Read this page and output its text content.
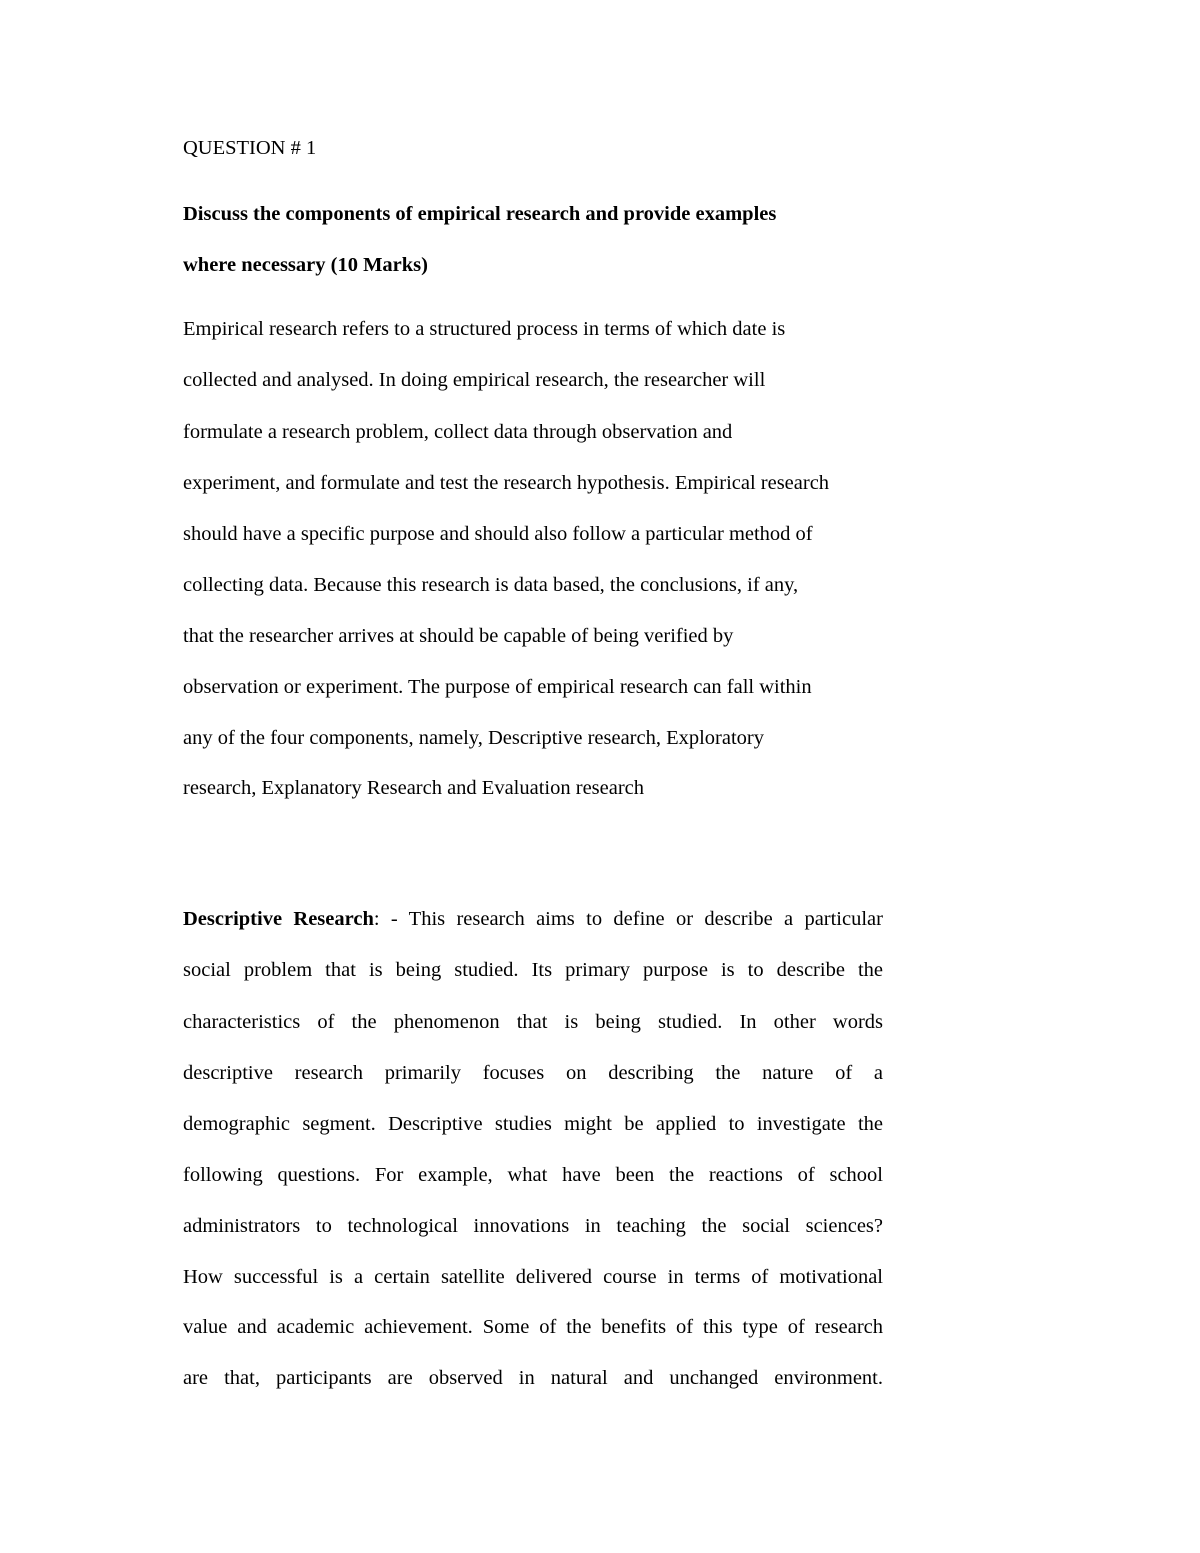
QUESTION # 1
Discuss the components of empirical research and provide examples
where necessary (10 Marks)
Empirical research refers to a structured process in terms of which date is
collected and analysed. In doing empirical research, the researcher will
formulate a research problem, collect data through observation and
experiment, and formulate and test the research hypothesis. Empirical research
should have a specific purpose and should also follow a particular method of
collecting data. Because this research is data based, the conclusions, if any,
that the researcher arrives at should be capable of being verified by
observation or experiment. The purpose of empirical research can fall within
any of the four components, namely, Descriptive research, Exploratory
research, Explanatory Research and Evaluation research
Descriptive Research: - This research aims to define or describe a particular
social problem that is being studied. Its primary purpose is to describe the
characteristics of the phenomenon that is being studied. In other words
descriptive research primarily focuses on describing the nature of a
demographic segment. Descriptive studies might be applied to investigate the
following questions. For example, what have been the reactions of school
administrators to technological innovations in teaching the social sciences?
How successful is a certain satellite delivered course in terms of motivational
value and academic achievement. Some of the benefits of this type of research
are that, participants are observed in natural and unchanged environment.
